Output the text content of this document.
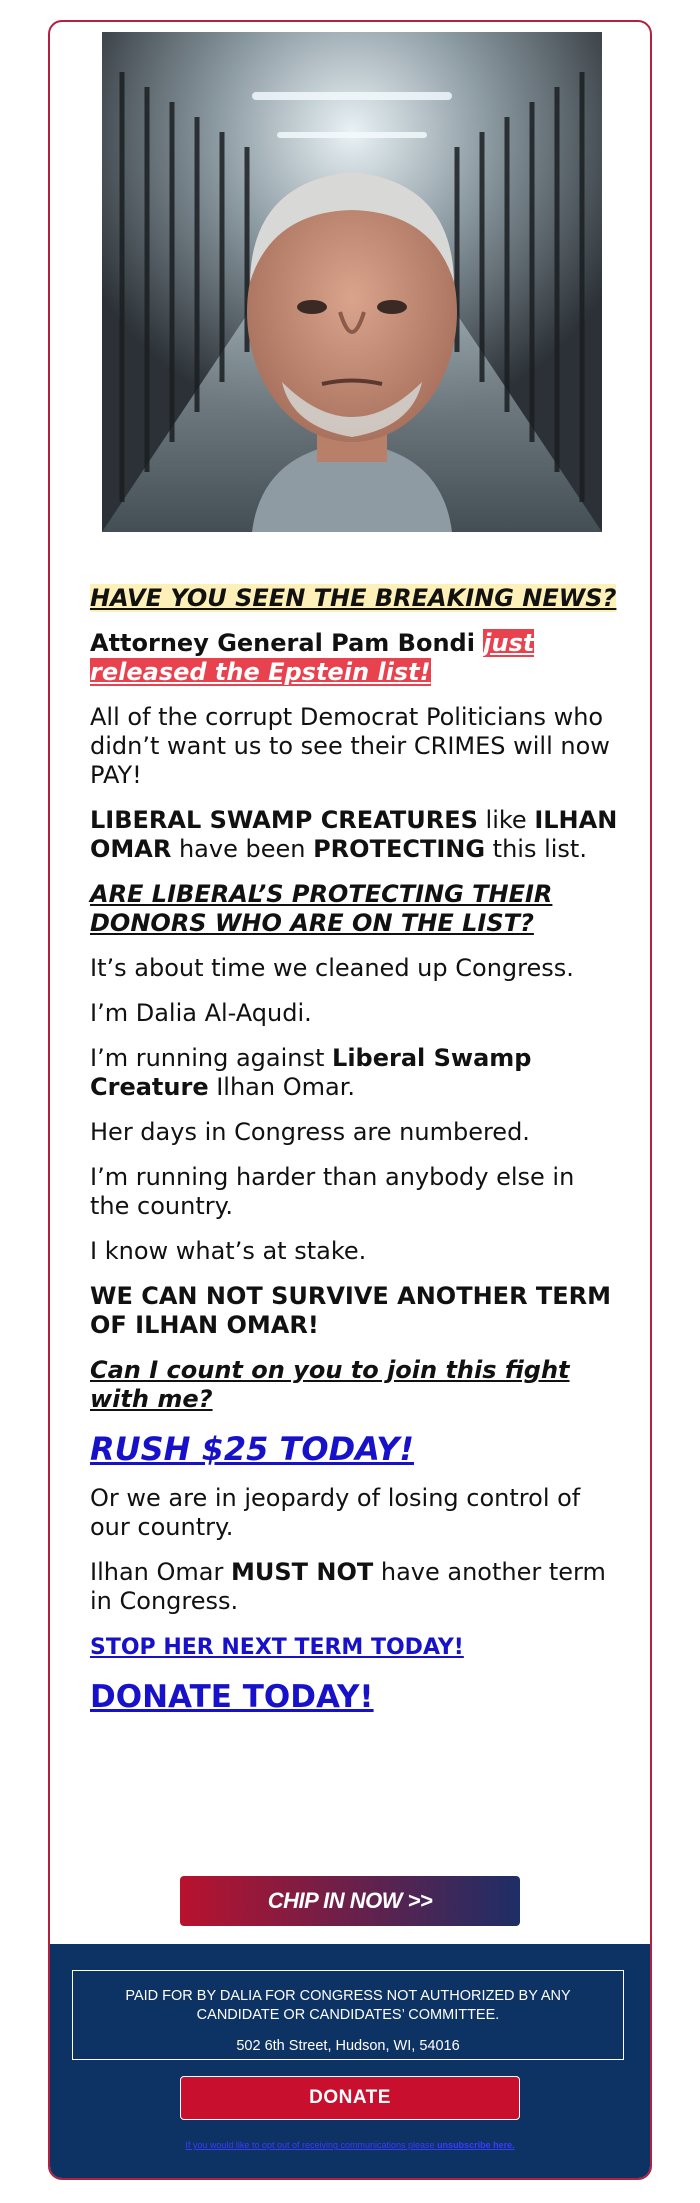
HAVE YOU SEEN THE BREAKING NEWS?

Attorney General Pam Bondi just released the Epstein list!

All of the corrupt Democrat Politicians who didn’t want us to see their CRIMES will now PAY!

LIBERAL SWAMP CREATURES like ILHAN OMAR have been PROTECTING this list.

ARE LIBERAL’S PROTECTING THEIR DONORS WHO ARE ON THE LIST?

It’s about time we cleaned up Congress.

I’m Dalia Al-Aqudi.

I’m running against Liberal Swamp Creature Ilhan Omar.

Her days in Congress are numbered.

I’m running harder than anybody else in the country.

I know what’s at stake.

WE CAN NOT SURVIVE ANOTHER TERM OF ILHAN OMAR!

Can I count on you to join this fight with me?

RUSH $25 TODAY!

Or we are in jeopardy of losing control of our country.

Ilhan Omar MUST NOT have another term in Congress.

STOP HER NEXT TERM TODAY!

DONATE TODAY!

CHIP IN NOW >>
PAID FOR BY DALIA FOR CONGRESS NOT AUTHORIZED BY ANY CANDIDATE OR CANDIDATES’ COMMITTEE.
502 6th Street, Hudson, WI, 54016
DONATE
If you would like to opt out of receiving communications please unsubscribe here.
